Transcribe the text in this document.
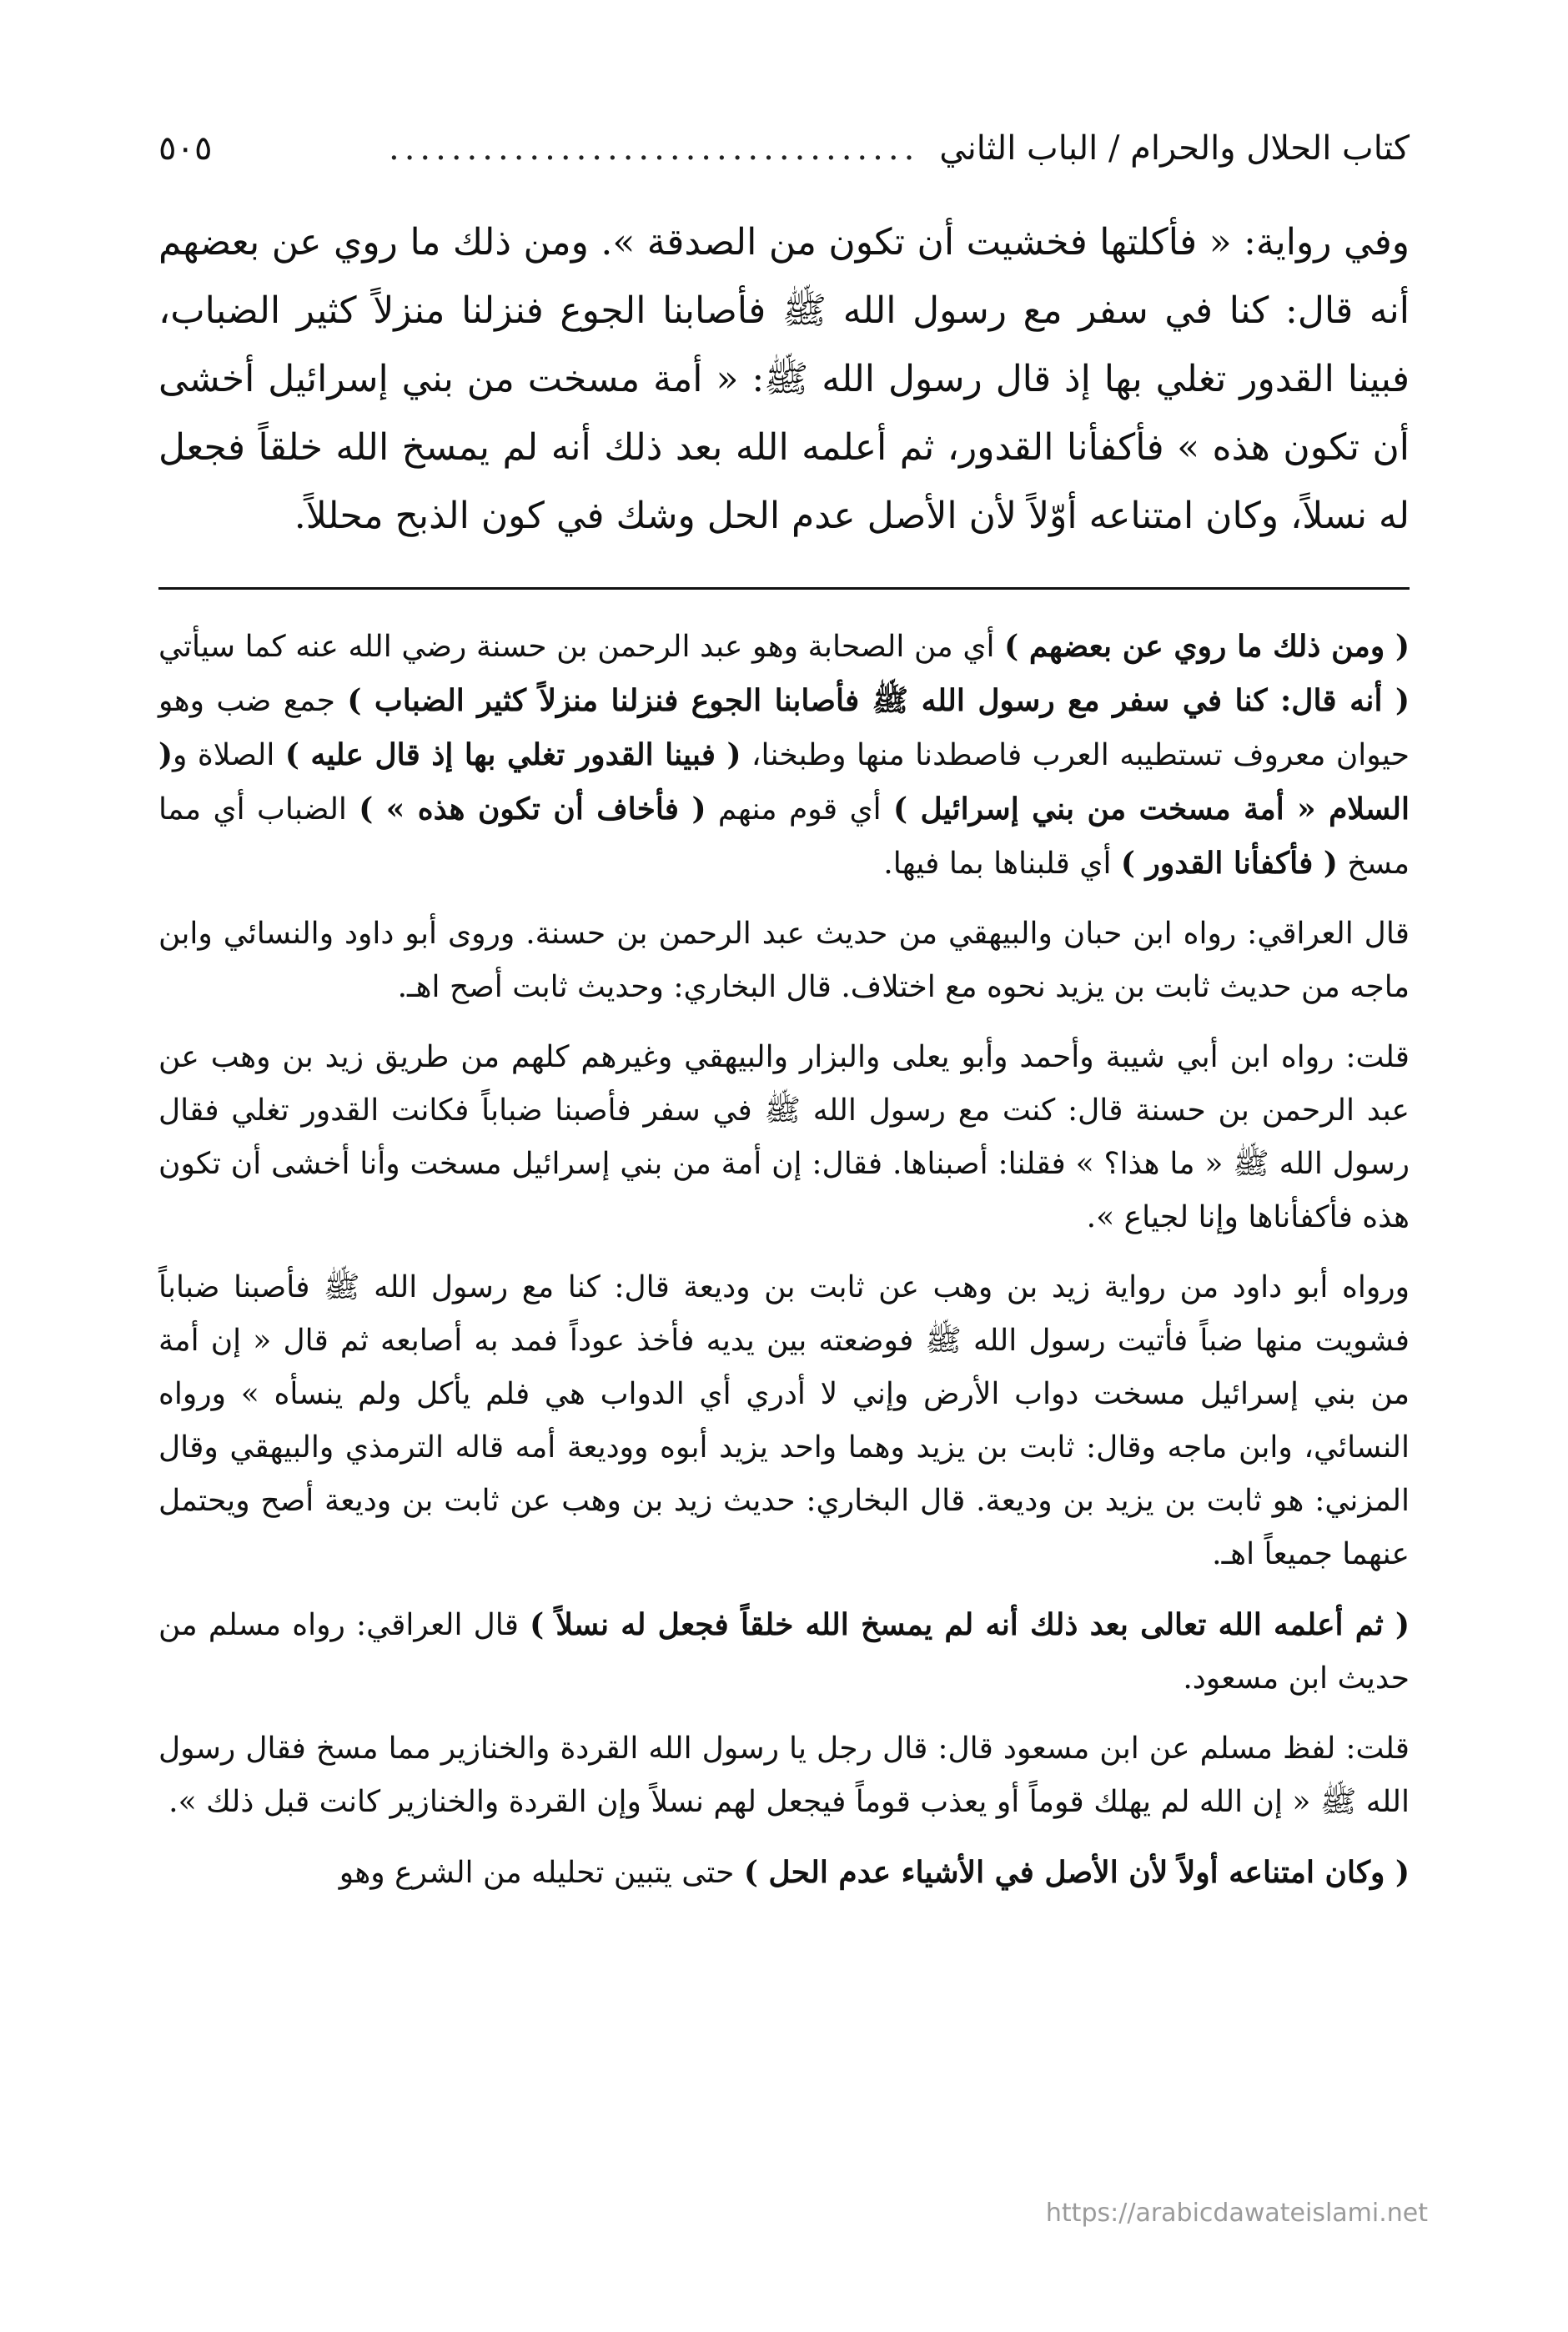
كتاب الحلال والحرام / الباب الثاني
..................................
٥٠٥

وفي رواية: « فأكلتها فخشيت أن تكون من الصدقة ». ومن ذلك ما روي عن بعضهم أنه قال: كنا في سفر مع رسول الله ﷺ فأصابنا الجوع فنزلنا منزلاً كثير الضباب، فبينا القدور تغلي بها إذ قال رسول الله ﷺ: « أمة مسخت من بني إسرائيل أخشى أن تكون هذه » فأكفأنا القدور، ثم أعلمه الله بعد ذلك أنه لم يمسخ الله خلقاً فجعل له نسلاً، وكان امتناعه أوّلاً لأن الأصل عدم الحل وشك في كون الذبح محللاً.

( ومن ذلك ما روي عن بعضهم ) أي من الصحابة وهو عبد الرحمن بن حسنة رضي الله عنه كما سيأتي ( أنه قال: كنا في سفر مع رسول الله ﷺ فأصابنا الجوع فنزلنا منزلاً كثير الضباب ) جمع ضب وهو حيوان معروف تستطيبه العرب فاصطدنا منها وطبخنا، ( فبينا القدور تغلي بها إذ قال عليه ) الصلاة و( السلام « أمة مسخت من بني إسرائيل ) أي قوم منهم ( فأخاف أن تكون هذه » ) الضباب أي مما مسخ ( فأكفأنا القدور ) أي قلبناها بما فيها.

قال العراقي: رواه ابن حبان والبيهقي من حديث عبد الرحمن بن حسنة. وروى أبو داود والنسائي وابن ماجه من حديث ثابت بن يزيد نحوه مع اختلاف. قال البخاري: وحديث ثابت أصح اهـ.

قلت: رواه ابن أبي شيبة وأحمد وأبو يعلى والبزار والبيهقي وغيرهم كلهم من طريق زيد بن وهب عن عبد الرحمن بن حسنة قال: كنت مع رسول الله ﷺ في سفر فأصبنا ضباباً فكانت القدور تغلي فقال رسول الله ﷺ « ما هذا؟ » فقلنا: أصبناها. فقال: إن أمة من بني إسرائيل مسخت وأنا أخشى أن تكون هذه فأكفأناها وإنا لجياع ».

ورواه أبو داود من رواية زيد بن وهب عن ثابت بن وديعة قال: كنا مع رسول الله ﷺ فأصبنا ضباباً فشويت منها ضباً فأتيت رسول الله ﷺ فوضعته بين يديه فأخذ عوداً فمد به أصابعه ثم قال « إن أمة من بني إسرائيل مسخت دواب الأرض وإني لا أدري أي الدواب هي فلم يأكل ولم ينسأه » ورواه النسائي، وابن ماجه وقال: ثابت بن يزيد وهما واحد يزيد أبوه ووديعة أمه قاله الترمذي والبيهقي وقال المزني: هو ثابت بن يزيد بن وديعة. قال البخاري: حديث زيد بن وهب عن ثابت بن وديعة أصح ويحتمل عنهما جميعاً اهـ.

( ثم أعلمه الله تعالى بعد ذلك أنه لم يمسخ الله خلقاً فجعل له نسلاً ) قال العراقي: رواه مسلم من حديث ابن مسعود.

قلت: لفظ مسلم عن ابن مسعود قال: قال رجل يا رسول الله القردة والخنازير مما مسخ فقال رسول الله ﷺ « إن الله لم يهلك قوماً أو يعذب قوماً فيجعل لهم نسلاً وإن القردة والخنازير كانت قبل ذلك ».

( وكان امتناعه أولاً لأن الأصل في الأشياء عدم الحل ) حتى يتبين تحليله من الشرع وهو

https://arabicdawateislami.net
